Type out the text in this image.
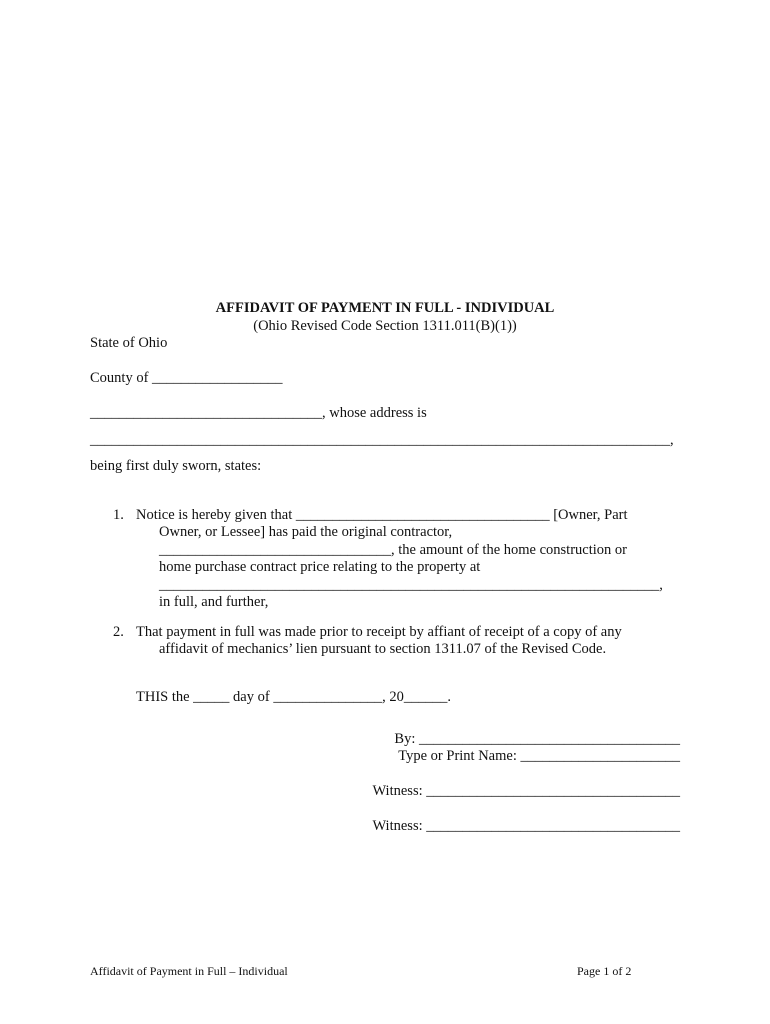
AFFIDAVIT OF PAYMENT IN FULL - INDIVIDUAL
(Ohio Revised Code Section 1311.011(B)(1))
State of Ohio
County of __________________
________________________________, whose address is
________________________________________________________________________________,
being first duly sworn, states:
1. Notice is hereby given that ___________________________________ [Owner, Part
Owner, or Lessee] has paid the original contractor,
________________________________, the amount of the home construction or
home purchase contract price relating to the property at
_____________________________________________________________________,
in full, and further,
2. That payment in full was made prior to receipt by affiant of receipt of a copy of any
affidavit of mechanics’ lien pursuant to section 1311.07 of the Revised Code.
THIS the _____ day of _______________, 20______.
By: ____________________________________
Type or Print Name: ______________________
Witness: ___________________________________
Witness: ___________________________________
Affidavit of Payment in Full – Individual	Page 1 of 2
